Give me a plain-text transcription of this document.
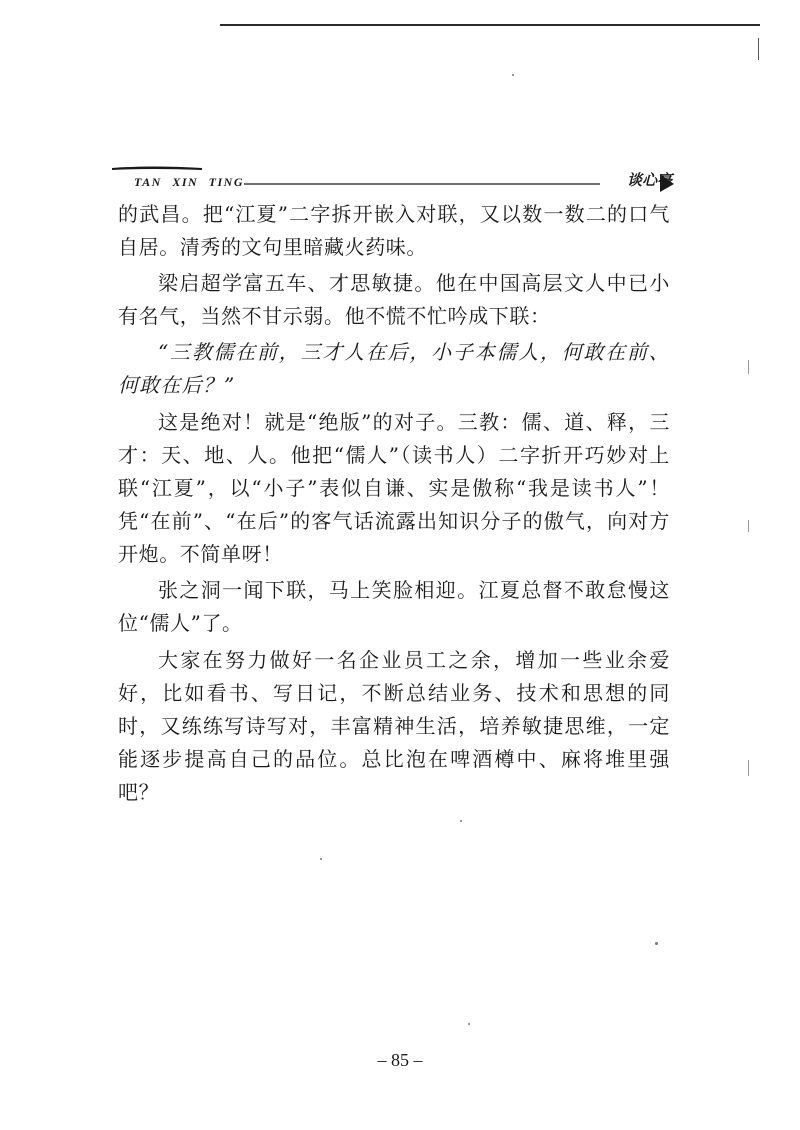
TAN XIN TING	谈心亭

的武昌。把“江夏”二字拆开嵌入对联，又以数一数二的口气自居。清秀的文句里暗藏火药味。

梁启超学富五车、才思敏捷。他在中国高层文人中已小有名气，当然不甘示弱。他不慌不忙吟成下联：

“三教儒在前，三才人在后，小子本儒人，何敢在前、何敢在后？”

这是绝对！就是“绝版”的对子。三教：儒、道、释，三才：天、地、人。他把“儒人”（读书人）二字折开巧妙对上联“江夏”，以“小子”表似自谦、实是傲称“我是读书人”！凭“在前”、“在后”的客气话流露出知识分子的傲气，向对方开炮。不简单呀！

张之洞一闻下联，马上笑脸相迎。江夏总督不敢怠慢这位“儒人”了。

大家在努力做好一名企业员工之余，增加一些业余爱好，比如看书、写日记，不断总结业务、技术和思想的同时，又练练写诗写对，丰富精神生活，培养敏捷思维，一定能逐步提高自己的品位。总比泡在啤酒樽中、麻将堆里强吧？

– 85 –
